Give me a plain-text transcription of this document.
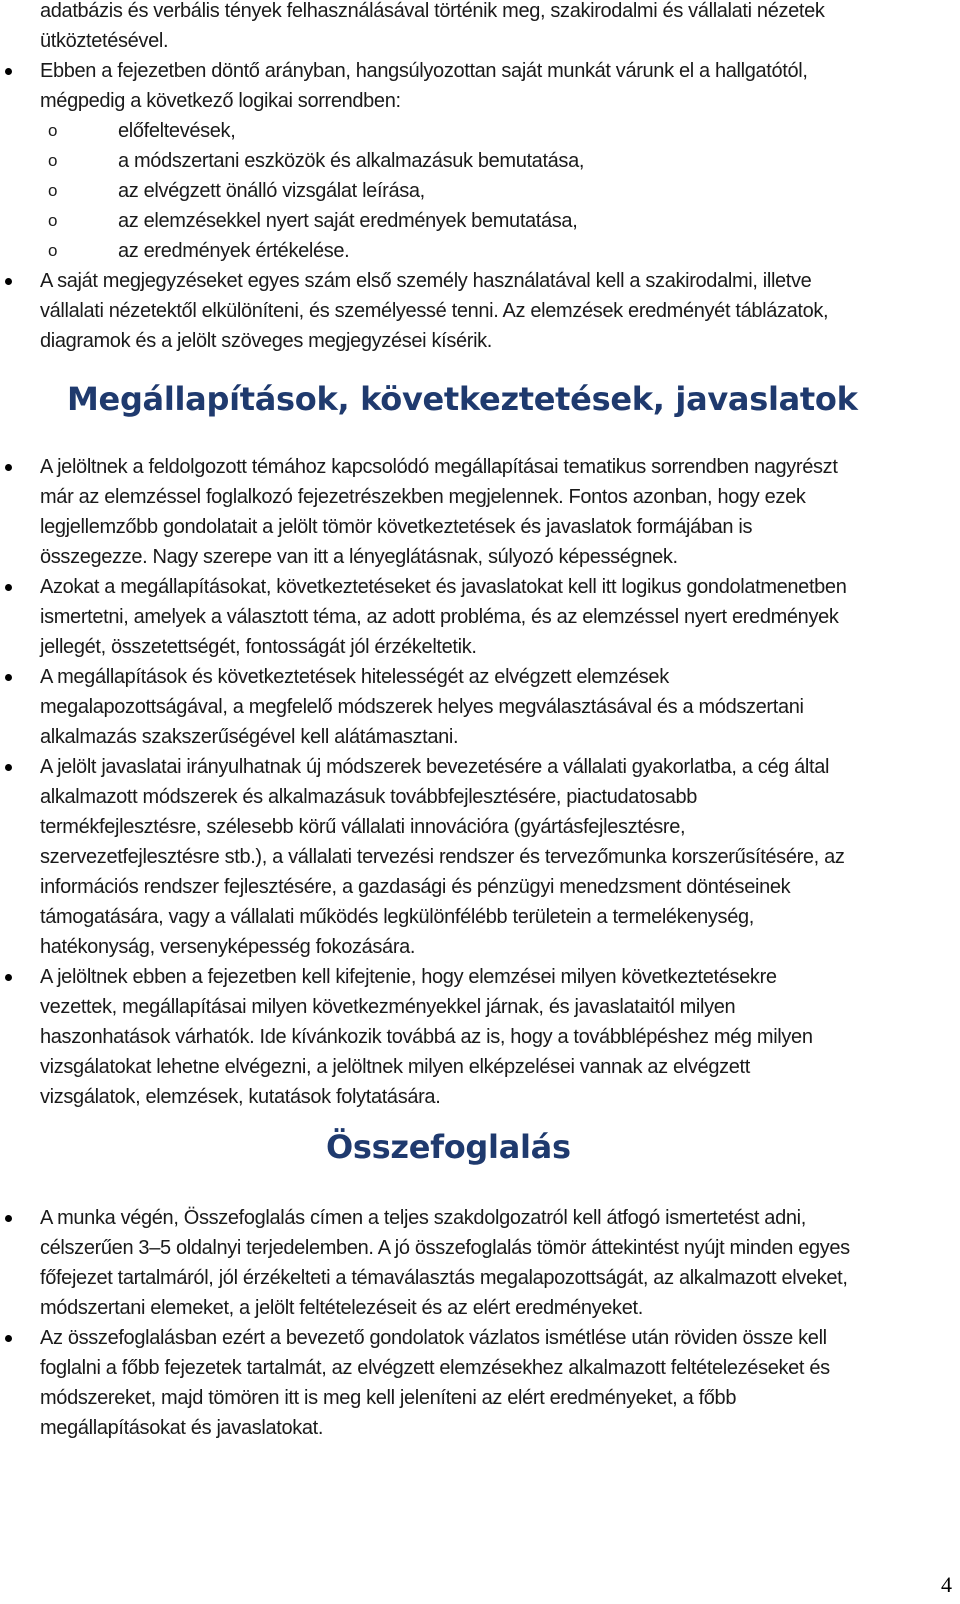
adatbázis és verbális tények felhasználásával történik meg, szakirodalmi és vállalati nézetek
ütköztetésével.
Ebben a fejezetben döntő arányban, hangsúlyozottan saját munkát várunk el a hallgatótól,
mégpedig a következő logikai sorrendben:
o	előfeltevések,
o	a módszertani eszközök és alkalmazásuk bemutatása,
o	az elvégzett önálló vizsgálat leírása,
o	az elemzésekkel nyert saját eredmények bemutatása,
o	az eredmények értékelése.
A saját megjegyzéseket egyes szám első személy használatával kell a szakirodalmi, illetve
vállalati nézetektől elkülöníteni, és személyessé tenni. Az elemzések eredményét táblázatok,
diagramok és a jelölt szöveges megjegyzései kísérik.
Megállapítások, következtetések, javaslatok
A jelöltnek a feldolgozott témához kapcsolódó megállapításai tematikus sorrendben nagyrészt
már az elemzéssel foglalkozó fejezetrészekben megjelennek. Fontos azonban, hogy ezek
legjellemzőbb gondolatait a jelölt tömör következtetések és javaslatok formájában is
összegezze. Nagy szerepe van itt a lényeglátásnak, súlyozó képességnek.
Azokat a megállapításokat, következtetéseket és javaslatokat kell itt logikus gondolatmenetben
ismertetni, amelyek a választott téma, az adott probléma, és az elemzéssel nyert eredmények
jellegét, összetettségét, fontosságát jól érzékeltetik.
A megállapítások és következtetések hitelességét az elvégzett elemzések
megalapozottságával, a megfelelő módszerek helyes megválasztásával és a módszertani
alkalmazás szakszerűségével kell alátámasztani.
A jelölt javaslatai irányulhatnak új módszerek bevezetésére a vállalati gyakorlatba, a cég által
alkalmazott módszerek és alkalmazásuk továbbfejlesztésére, piactudatosabb
termékfejlesztésre, szélesebb körű vállalati innovációra (gyártásfejlesztésre,
szervezetfejlesztésre stb.), a vállalati tervezési rendszer és tervezőmunka korszerűsítésére, az
információs rendszer fejlesztésére, a gazdasági és pénzügyi menedzsment döntéseinek
támogatására, vagy a vállalati működés legkülönfélébb területein a termelékenység,
hatékonyság, versenyképesség fokozására.
A jelöltnek ebben a fejezetben kell kifejtenie, hogy elemzései milyen következtetésekre
vezettek, megállapításai milyen következményekkel járnak, és javaslataitól milyen
haszonhatások várhatók. Ide kívánkozik továbbá az is, hogy a továbblépéshez még milyen
vizsgálatokat lehetne elvégezni, a jelöltnek milyen elképzelései vannak az elvégzett
vizsgálatok, elemzések, kutatások folytatására.
Összefoglalás
A munka végén, Összefoglalás címen a teljes szakdolgozatról kell átfogó ismertetést adni,
célszerűen 3–5 oldalnyi terjedelemben. A jó összefoglalás tömör áttekintést nyújt minden egyes
főfejezet tartalmáról, jól érzékelteti a témaválasztás megalapozottságát, az alkalmazott elveket,
módszertani elemeket, a jelölt feltételezéseit és az elért eredményeket.
Az összefoglalásban ezért a bevezető gondolatok vázlatos ismétlése után röviden össze kell
foglalni a főbb fejezetek tartalmát, az elvégzett elemzésekhez alkalmazott feltételezéseket és
módszereket, majd tömören itt is meg kell jeleníteni az elért eredményeket, a főbb
megállapításokat és javaslatokat.
4
